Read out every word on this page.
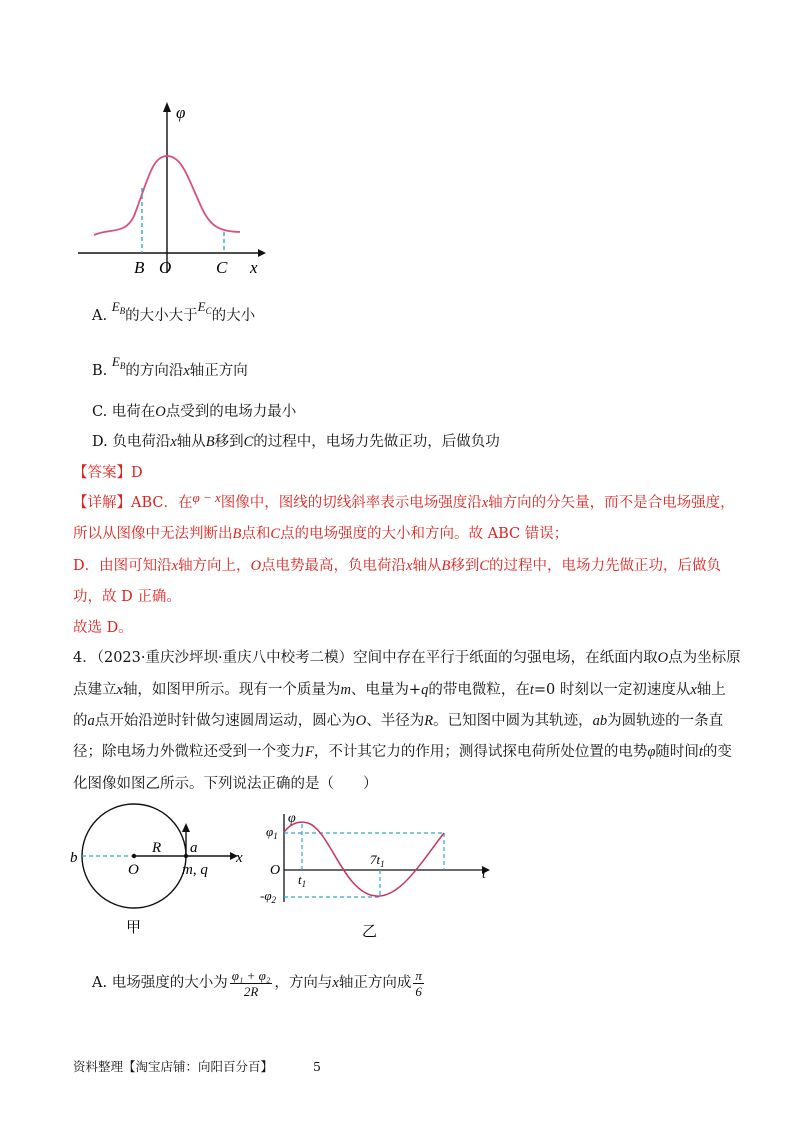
φ
B O	C x
A. $E_B$的大小大于$E_C$的大小
B. $E_B$的方向沿x轴正方向
C. 电荷在O点受到的电场力最小
D. 负电荷沿x轴从B移到C的过程中，电场力先做正功，后做负功
【答案】D
【详解】ABC．在φ − x图像中，图线的切线斜率表示电场强度沿x轴方向的分矢量，而不是合电场强度，
所以从图像中无法判断出B点和C点的电场强度的大小和方向。故 ABC 错误；
D．由图可知沿x轴方向上，O点电势最高，负电荷沿x轴从B移到C的过程中，电场力先做正功，后做负
功，故 D 正确。
故选 D。
4．（2023·重庆沙坪坝·重庆八中校考二模）空间中存在平行于纸面的匀强电场，在纸面内取O点为坐标原
点建立x轴，如图甲所示。现有一个质量为m、电量为+q的带电微粒，在t=0 时刻以一定初速度从x轴上
的a点开始沿逆时针做匀速圆周运动，圆心为O、半径为R。已知图中圆为其轨迹，ab为圆轨迹的一条直
径；除电场力外微粒还受到一个变力F，不计其它力的作用；测得试探电荷所处位置的电势φ随时间t的变
化图像如图乙所示。下列说法正确的是（　　）
b
R a
x
O	m, q
甲
φ
$\varphi_1$
O
$t_1$
$7t_1$
$-\varphi_2$
t
乙
A. 电场强度的大小为 $\frac{\text{φ₁ + φ₂}}{2R}$ ，方向与x轴正方向成 $\frac{\pi}{6}$
资料整理【淘宝店铺：向阳百分百】	5
